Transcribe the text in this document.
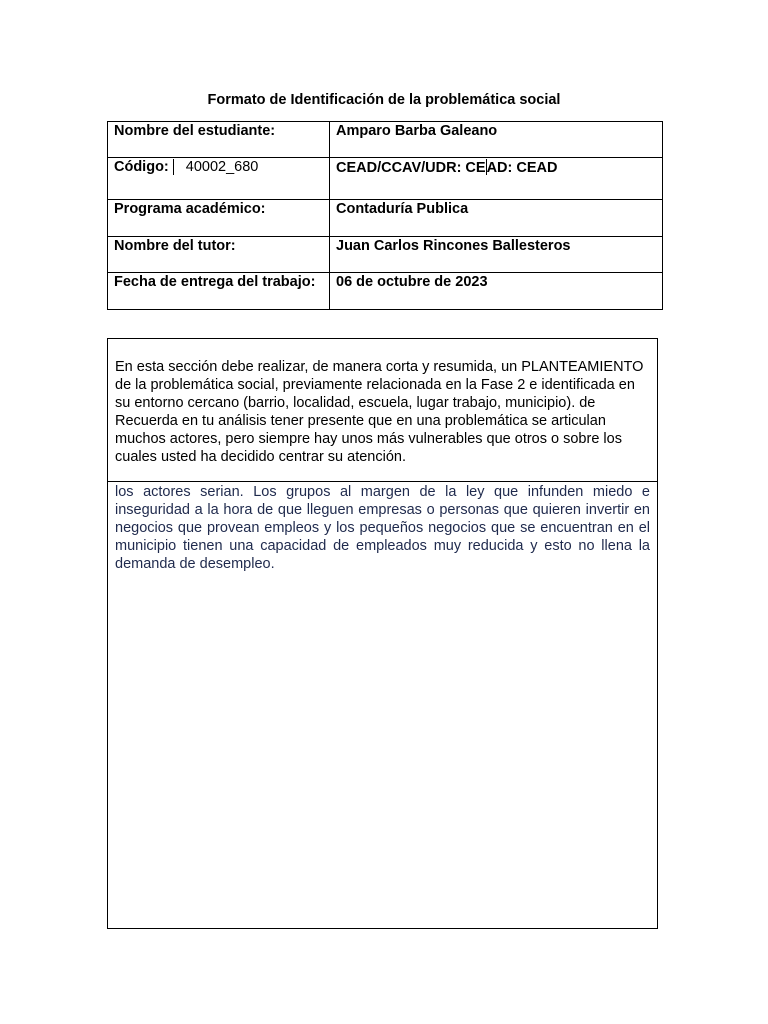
Formato de Identificación de la problemática social
Nombre del estudiante:	Amparo Barba Galeano
Código: 40002_680	CEAD/CCAV/UDR: CEAD: CEAD
Programa académico:	Contaduría Publica
Nombre del tutor:	Juan Carlos Rincones Ballesteros
Fecha de entrega del trabajo:	06 de octubre de 2023
En esta sección debe realizar, de manera corta y resumida, un PLANTEAMIENTO de la problemática social, previamente relacionada en la Fase 2 e identificada en su entorno cercano (barrio, localidad, escuela, lugar trabajo, municipio). de Recuerda en tu análisis tener presente que en una problemática se articulan muchos actores, pero siempre hay unos más vulnerables que otros o sobre los cuales usted ha decidido centrar su atención.
los actores serian. Los grupos al margen de la ley que infunden miedo e inseguridad a la hora de que lleguen empresas o personas que quieren invertir en negocios que provean empleos y los pequeños negocios que se encuentran en el municipio tienen una capacidad de empleados muy reducida y esto no llena la demanda de desempleo.
